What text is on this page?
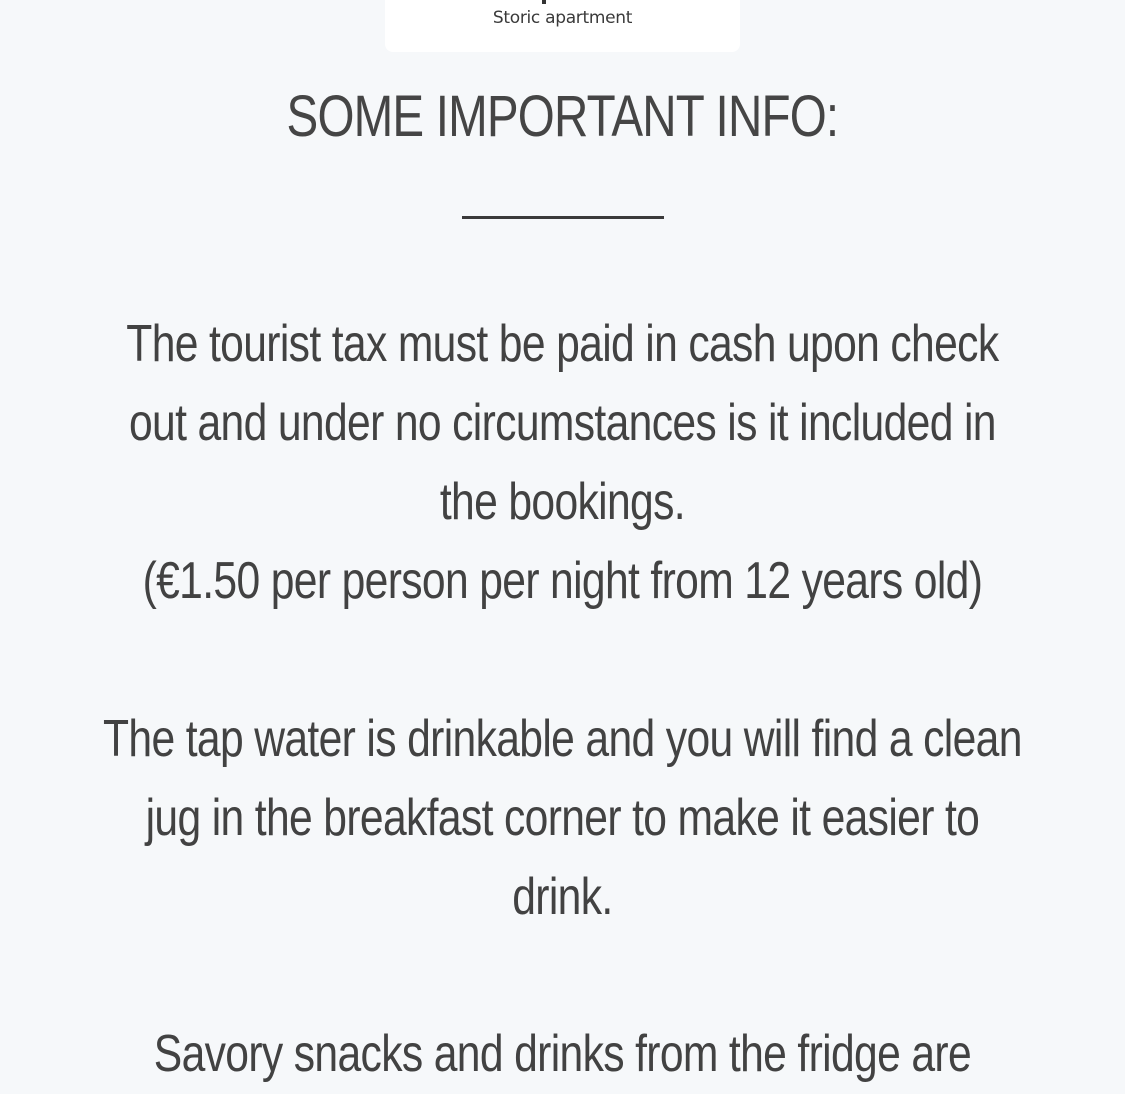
Storic apartment
SOME IMPORTANT INFO:

The tourist tax must be paid in cash upon check
out and under no circumstances is it included in
the bookings.
(€1.50 per person per night from 12 years old)

The tap water is drinkable and you will find a clean
jug in the breakfast corner to make it easier to
drink.

Savory snacks and drinks from the fridge are
